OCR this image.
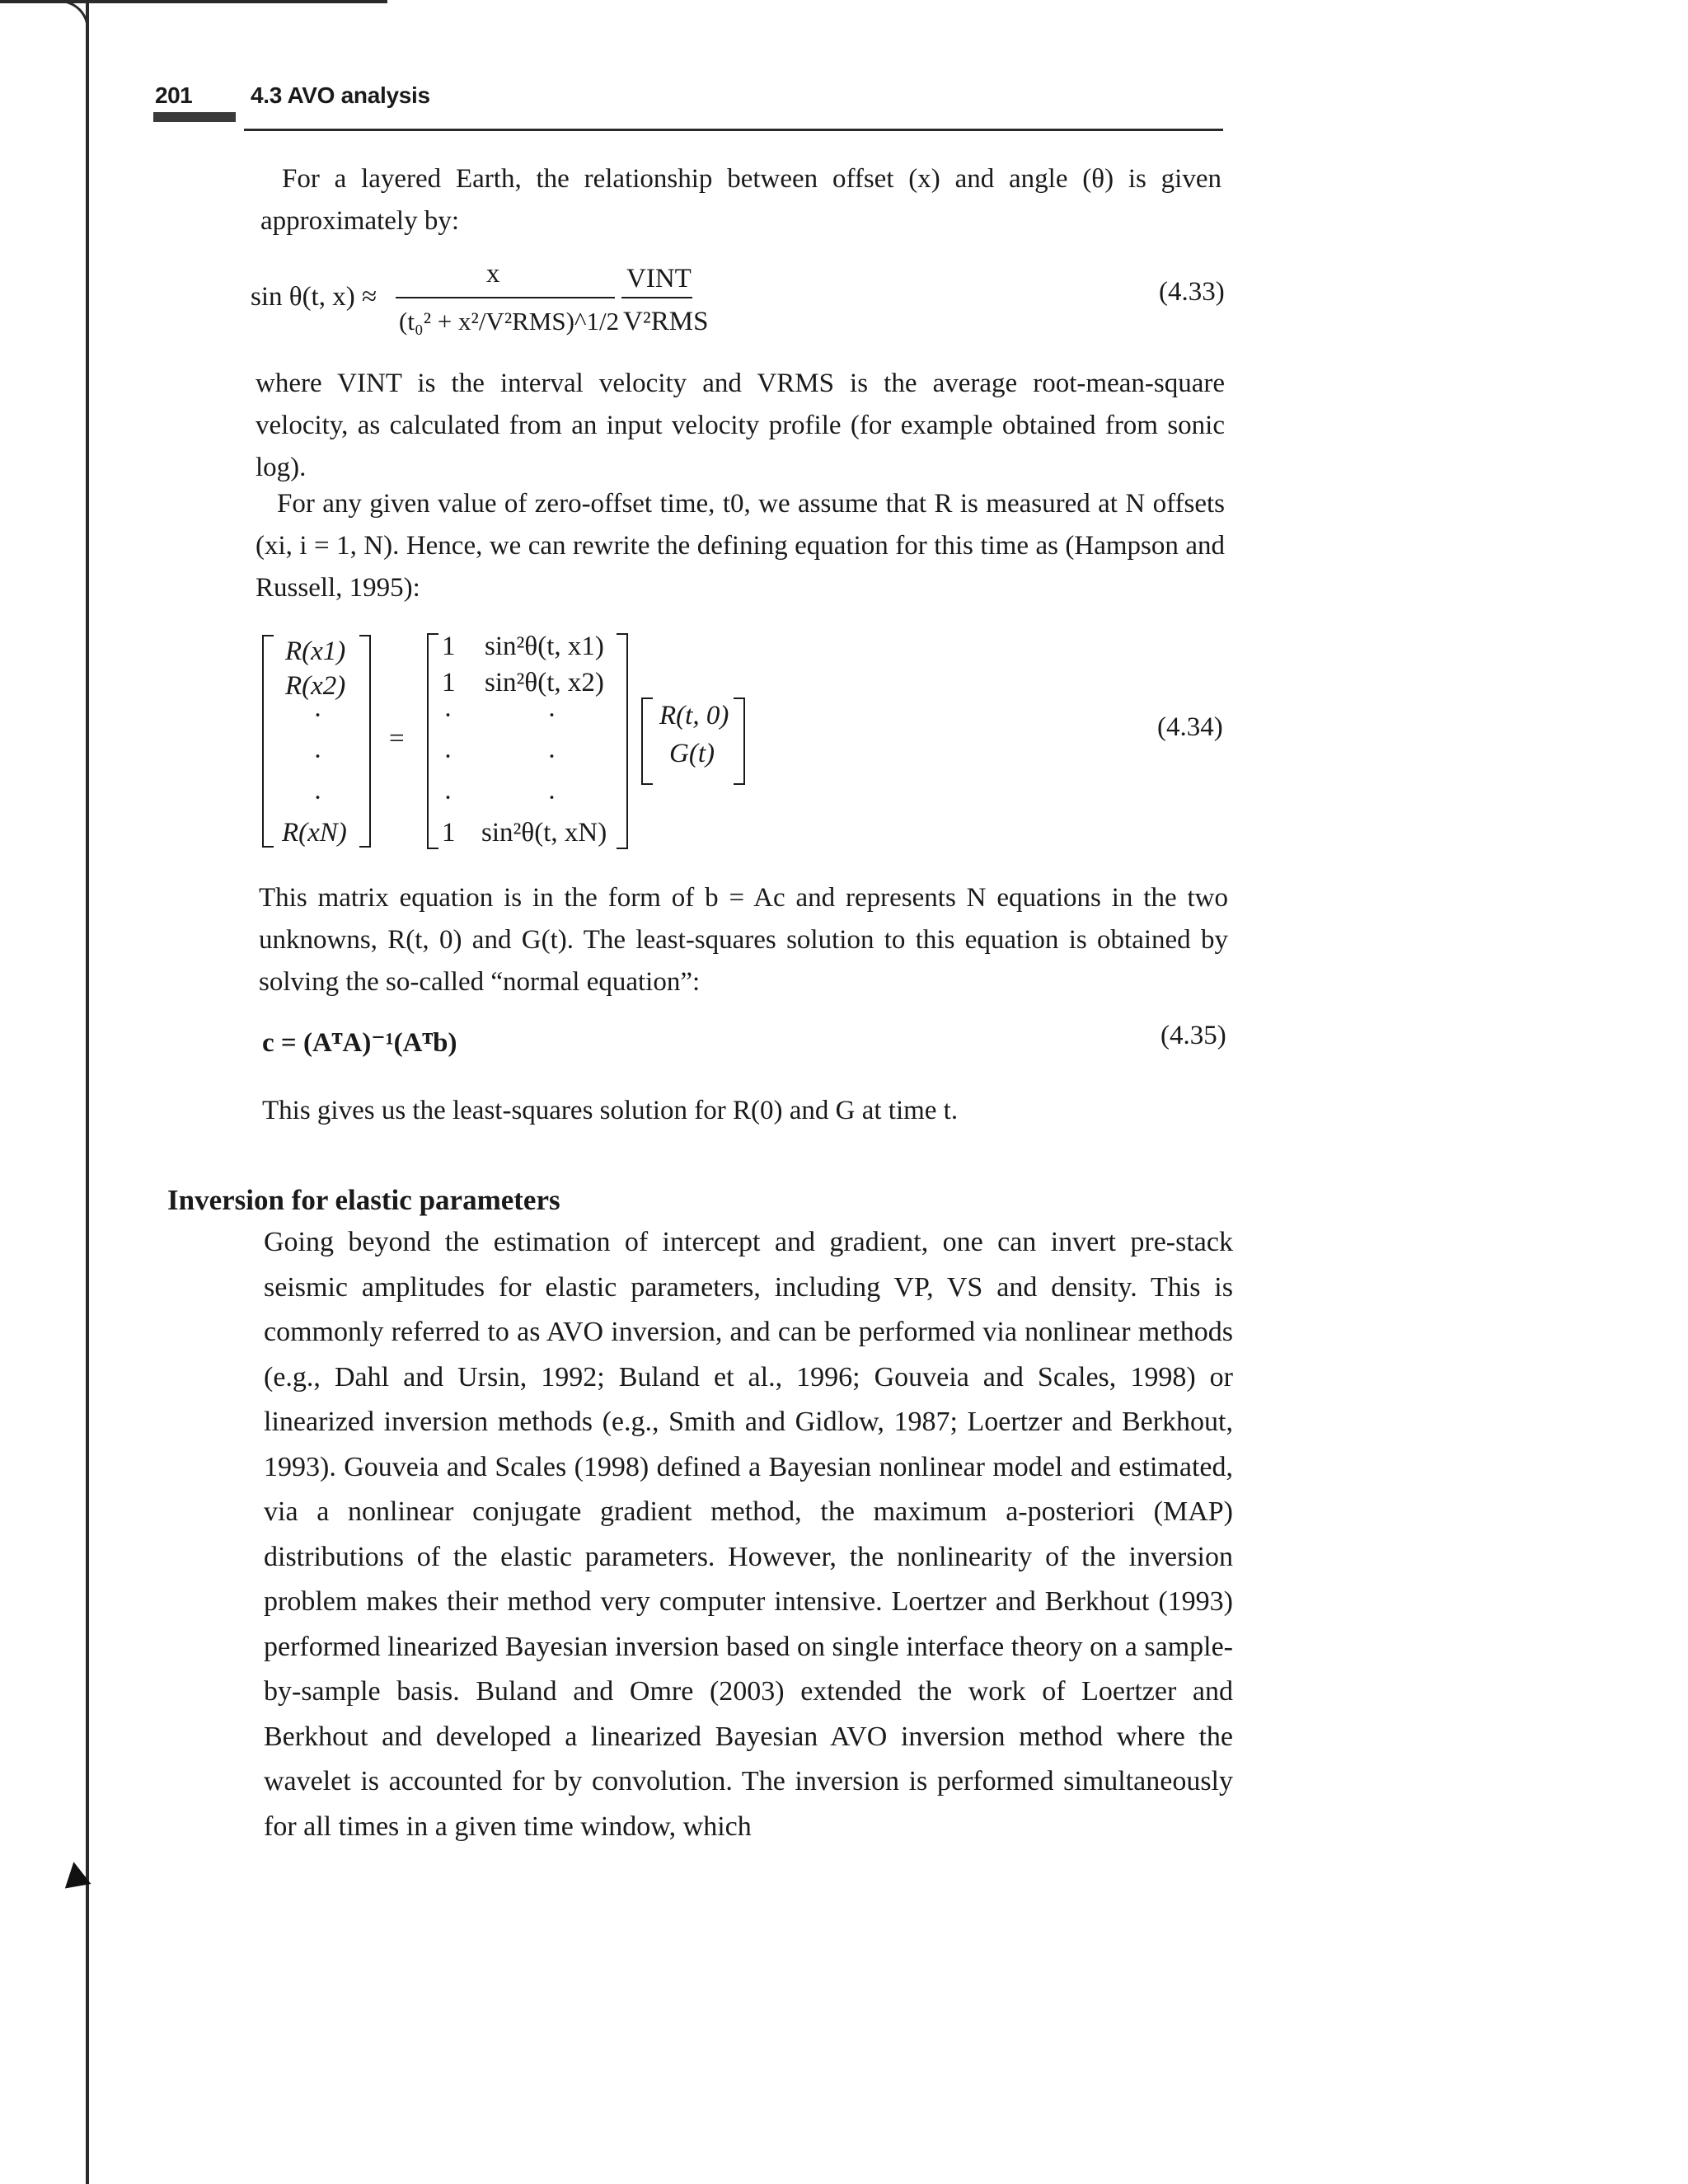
201	4.3 AVO analysis

For a layered Earth, the relationship between offset (x) and angle (θ) is given approximately by:

sin θ(t, x) ≈
x
(t₀² + x²/V²RMS)^1/2
VINT
V²RMS
(4.33)

where VINT is the interval velocity and VRMS is the average root-mean-square velocity, as calculated from an input velocity profile (for example obtained from sonic log).

For any given value of zero-offset time, t0, we assume that R is measured at N offsets (xi, i = 1, N). Hence, we can rewrite the defining equation for this time as (Hampson and Russell, 1995):

R(x1)
R(x2)
·
·
·
R(xN)
=
1
1
·
·
·
1
sin²θ(t, x1)
sin²θ(t, x2)
·
·
·
sin²θ(t, xN)
R(t, 0)
G(t)
(4.34)

This matrix equation is in the form of b = Ac and represents N equations in the two unknowns, R(t, 0) and G(t). The least-squares solution to this equation is obtained by solving the so-called “normal equation”:

c = (AᵀA)⁻¹(Aᵀb)	(4.35)

This gives us the least-squares solution for R(0) and G at time t.

Inversion for elastic parameters

Going beyond the estimation of intercept and gradient, one can invert pre-stack seismic amplitudes for elastic parameters, including VP, VS and density. This is commonly referred to as AVO inversion, and can be performed via nonlinear methods (e.g., Dahl and Ursin, 1992; Buland et al., 1996; Gouveia and Scales, 1998) or linearized inversion methods (e.g., Smith and Gidlow, 1987; Loertzer and Berkhout, 1993). Gouveia and Scales (1998) defined a Bayesian nonlinear model and estimated, via a nonlinear conjugate gradient method, the maximum a-posteriori (MAP) distributions of the elastic parameters. However, the nonlinearity of the inversion problem makes their method very computer intensive. Loertzer and Berkhout (1993) performed linearized Bayesian inversion based on single interface theory on a sample-by-sample basis. Buland and Omre (2003) extended the work of Loertzer and Berkhout and developed a linearized Bayesian AVO inversion method where the wavelet is accounted for by convolution. The inversion is performed simultaneously for all times in a given time window, which
